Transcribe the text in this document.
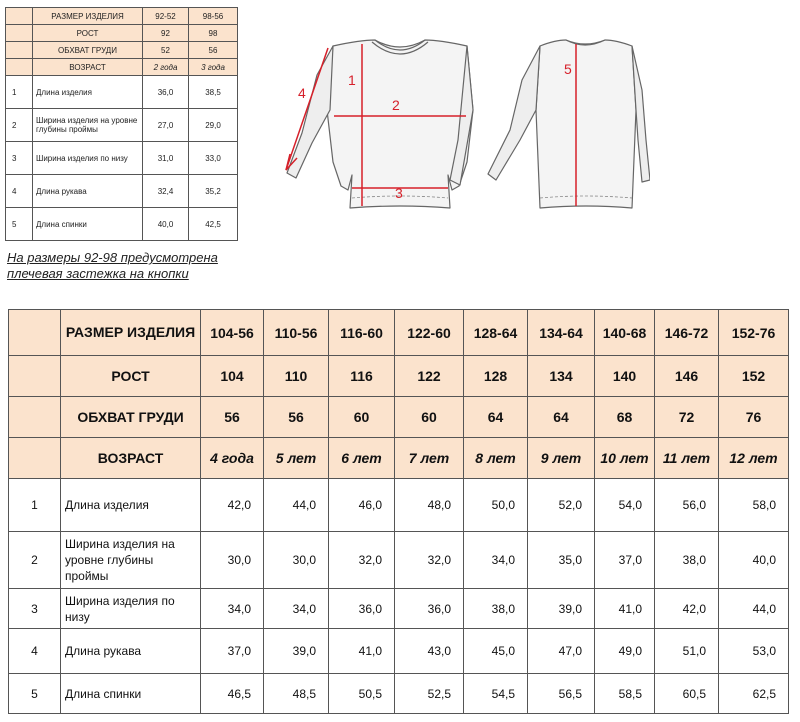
	РАЗМЕР ИЗДЕЛИЯ	92-52	98-56
	РОСТ	92	98
	ОБХВАТ ГРУДИ	52	56
	ВОЗРАСТ	2 года	3 года
1	Длина изделия	36,0	38,5
2	Ширина изделия на уровне глубины проймы	27,0	29,0
3	Ширина изделия по низу	31,0	33,0
4	Длина рукава	32,4	35,2
5	Длина спинки	40,0	42,5
На размеры 92-98 предусмотрена
плечевая застежка на кнопки
1
2
3
4
5
	РАЗМЕР ИЗДЕЛИЯ	104-56	110-56	116-60	122-60	128-64	134-64	140-68	146-72	152-76
	РОСТ	104	110	116	122	128	134	140	146	152
	ОБХВАТ ГРУДИ	56	56	60	60	64	64	68	72	76
	ВОЗРАСТ	4 года	5 лет	6 лет	7 лет	8 лет	9 лет	10 лет	11 лет	12 лет
1	Длина изделия	42,0	44,0	46,0	48,0	50,0	52,0	54,0	56,0	58,0
2	Ширина изделия на уровне глубины проймы	30,0	30,0	32,0	32,0	34,0	35,0	37,0	38,0	40,0
3	Ширина изделия по низу	34,0	34,0	36,0	36,0	38,0	39,0	41,0	42,0	44,0
4	Длина рукава	37,0	39,0	41,0	43,0	45,0	47,0	49,0	51,0	53,0
5	Длина спинки	46,5	48,5	50,5	52,5	54,5	56,5	58,5	60,5	62,5
